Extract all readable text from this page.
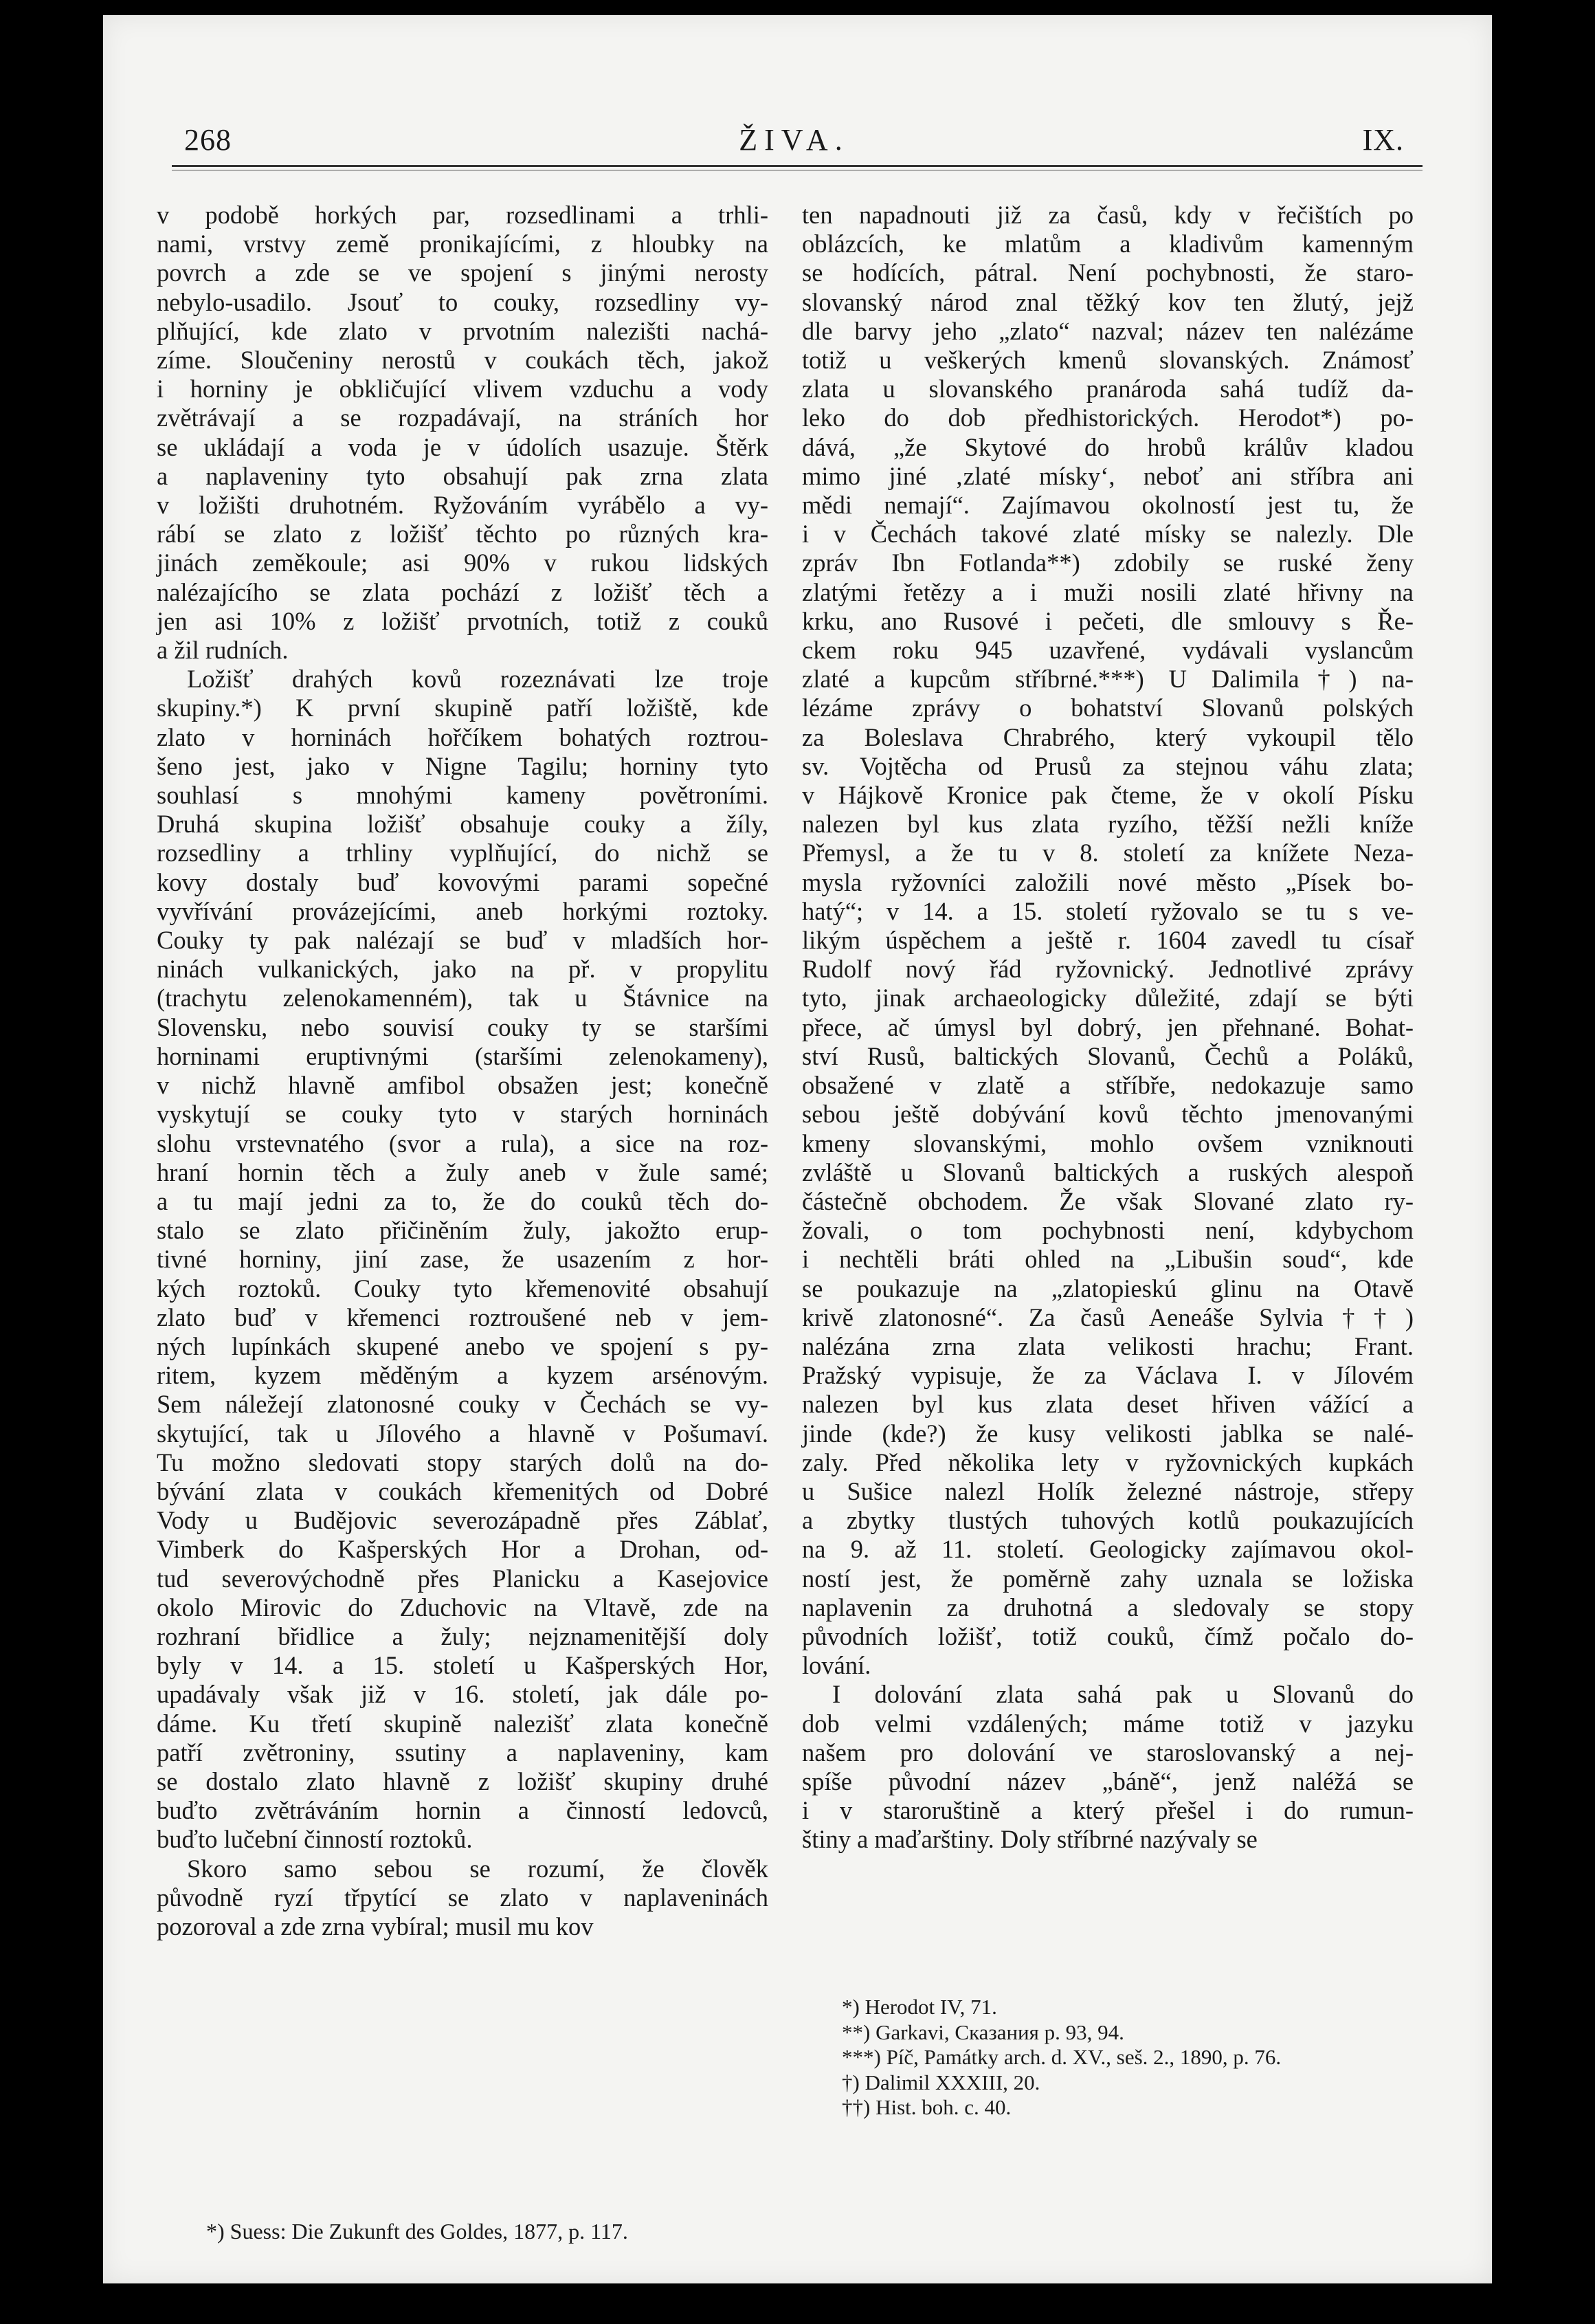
268	ŽIVA.	IX.

v podobě horkých par, rozsedlinami a trhli-
nami, vrstvy země pronikajícími, z hloubky na
povrch a zde se ve spojení s jinými nerosty
nebylo-usadilo. Jsouť to couky, rozsedliny vy-
plňující, kde zlato v prvotním nalezišti nachá-
zíme. Sloučeniny nerostů v coukách těch, jakož
i horniny je obkličující vlivem vzduchu a vody
zvětrávají a se rozpadávají, na stráních hor
se ukládají a voda je v údolích usazuje. Štěrk
a naplaveniny tyto obsahují pak zrna zlata
v ložišti druhotném. Ryžováním vyrábělo a vy-
rábí se zlato z ložišť těchto po různých kra-
jinách zeměkoule; asi 90% v rukou lidských
nalézajícího se zlata pochází z ložišť těch a
jen asi 10% z ložišť prvotních, totiž z couků
a žil rudních.

Ložišť drahých kovů rozeznávati lze troje
skupiny.*) K první skupině patří ložiště, kde
zlato v horninách hořčíkem bohatých roztrou-
šeno jest, jako v Nigne Tagilu; horniny tyto
souhlasí s mnohými kameny povětroními.
Druhá skupina ložišť obsahuje couky a žíly,
rozsedliny a trhliny vyplňující, do nichž se
kovy dostaly buď kovovými parami sopečné
vyvřívání provázejícími, aneb horkými roztoky.
Couky ty pak nalézají se buď v mladších hor-
ninách vulkanických, jako na př. v propylitu
(trachytu zelenokamenném), tak u Štávnice na
Slovensku, nebo souvisí couky ty se staršími
horninami eruptivnými (staršími zelenokameny),
v nichž hlavně amfibol obsažen jest; konečně
vyskytují se couky tyto v starých horninách
slohu vrstevnatého (svor a rula), a sice na roz-
hraní hornin těch a žuly aneb v žule samé;
a tu mají jedni za to, že do couků těch do-
stalo se zlato přičiněním žuly, jakožto erup-
tivné horniny, jiní zase, že usazením z hor-
kých roztoků. Couky tyto křemenovité obsahují
zlato buď v křemenci roztroušené neb v jem-
ných lupínkách skupené anebo ve spojení s py-
ritem, kyzem měděným a kyzem arsénovým.
Sem náležejí zlatonosné couky v Čechách se vy-
skytující, tak u Jílového a hlavně v Pošumaví.
Tu možno sledovati stopy starých dolů na do-
bývání zlata v coukách křemenitých od Dobré
Vody u Budějovic severozápadně přes Záblať,
Vimberk do Kašperských Hor a Drohan, od-
tud severovýchodně přes Planicku a Kasejovice
okolo Mirovic do Zduchovic na Vltavě, zde na
rozhraní břidlice a žuly; nejznamenitější doly
byly v 14. a 15. století u Kašperských Hor,
upadávaly však již v 16. století, jak dále po-
dáme. Ku třetí skupině nalezišť zlata konečně
patří zvětroniny, ssutiny a naplaveniny, kam
se dostalo zlato hlavně z ložišť skupiny druhé
buďto zvětráváním hornin a činností ledovců,
buďto lučební činností roztoků.

Skoro samo sebou se rozumí, že člověk
původně ryzí třpytící se zlato v naplaveninách
pozoroval a zde zrna vybíral; musil mu kov

ten napadnouti již za časů, kdy v řečištích po
oblázcích, ke mlatům a kladivům kamenným
se hodících, pátral. Není pochybnosti, že staro-
slovanský národ znal těžký kov ten žlutý, jejž
dle barvy jeho „zlato“ nazval; název ten nalézáme
totiž u veškerých kmenů slovanských. Známosť
zlata u slovanského pranároda sahá tudíž da-
leko do dob předhistorických. Herodot*) po-
dává, „že Skytové do hrobů králův kladou
mimo jiné ‚zlaté mísky‘, neboť ani stříbra ani
mědi nemají“. Zajímavou okolností jest tu, že
i v Čechách takové zlaté mísky se nalezly. Dle
zpráv Ibn Fotlanda**) zdobily se ruské ženy
zlatými řetězy a i muži nosili zlaté hřivny na
krku, ano Rusové i pečeti, dle smlouvy s Ře-
ckem roku 945 uzavřené, vydávali vyslancům
zlaté a kupcům stříbrné.***) U Dalimila†) na-
lézáme zprávy o bohatství Slovanů polských
za Boleslava Chrabrého, který vykoupil tělo
sv. Vojtěcha od Prusů za stejnou váhu zlata;
v Hájkově Kronice pak čteme, že v okolí Písku
nalezen byl kus zlata ryzího, těžší nežli kníže
Přemysl, a že tu v 8. století za knížete Neza-
mysla ryžovníci založili nové město „Písek bo-
hatý“; v 14. a 15. století ryžovalo se tu s ve-
likým úspěchem a ještě r. 1604 zavedl tu císař
Rudolf nový řád ryžovnický. Jednotlivé zprávy
tyto, jinak archaeologicky důležité, zdají se býti
přece, ač úmysl byl dobrý, jen přehnané. Bohat-
ství Rusů, baltických Slovanů, Čechů a Poláků,
obsažené v zlatě a stříbře, nedokazuje samo
sebou ještě dobývání kovů těchto jmenovanými
kmeny slovanskými, mohlo ovšem vzniknouti
zvláště u Slovanů baltických a ruských alespoň
částečně obchodem. Že však Slované zlato ry-
žovali, o tom pochybnosti není, kdybychom
i nechtěli bráti ohled na „Libušin soud“, kde
se poukazuje na „zlatopieskú glinu na Otavě
krivě zlatonosné“. Za časů Aeneáše Sylvia††)
nalézána zrna zlata velikosti hrachu; Frant.
Pražský vypisuje, že za Václava I. v Jílovém
nalezen byl kus zlata deset hřiven vážící a
jinde (kde?) že kusy velikosti jablka se nalé-
zaly. Před několika lety v ryžovnických kupkách
u Sušice nalezl Holík železné nástroje, střepy
a zbytky tlustých tuhových kotlů poukazujících
na 9. až 11. století. Geologicky zajímavou okol-
ností jest, že poměrně zahy uznala se ložiska
naplavenin za druhotná a sledovaly se stopy
původních ložišť, totiž couků, čímž počalo do-
lování.

I dolování zlata sahá pak u Slovanů do
dob velmi vzdálených; máme totiž v jazyku
našem pro dolování ve staroslovanský a nej-
spíše původní název „báně“, jenž naléžá se
i v staroruštině a který přešel i do rumun-
štiny a maďarštiny. Doly stříbrné nazývaly se

*) Suess: Die Zukunft des Goldes, 1877, p. 117.
*) Herodot IV, 71.
**) Garkavi, Сказания p. 93, 94.
***) Píč, Památky arch. d. XV., seš. 2., 1890, p. 76.
†) Dalimil XXXIII, 20.
††) Hist. boh. c. 40.
